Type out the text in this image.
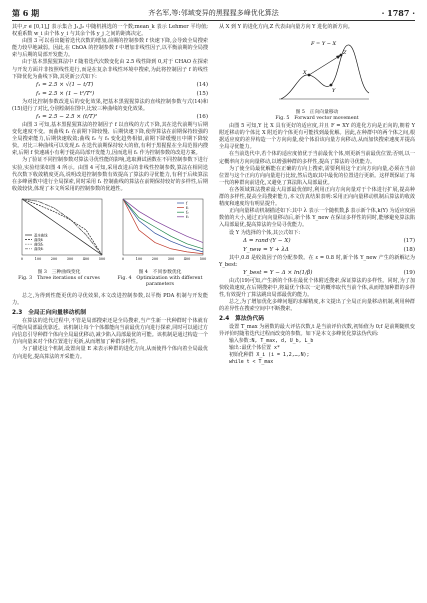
第 6 期	齐名军,等:邻域变异的黑猩猩多峰优化算法	· 1787 ·

其中,r ∈ [0,1],J 表示集合 J₁,J₂ 中随机挑选的一个数;mean_k 表示 Lehmer 平均值;权重系数 w_i 由个体 y_i 与其余个体 y_j 之间的距离决定。

由图 3 可以看出随着迭代次数的增加,前期的控制参数 f 快速下降,会导致全局搜索能力较早地减弱。因此,在 ChOA 的控制参数 f 中增加非线性因子,以平衡前期的全局搜索与后期的局部开发能力。

由于基本黑猩猩算法中 f 随着迭代次数变化由 2.5 线性降到 0,对于 CHAO 在探索与开发方面并非按照线性进行,而是在复杂非线性环境中搜索,为此将控制因子 f 的线性下降优化为曲线下降,其更新公式如下:

f₁ = 2.5 × √(1 − t/T)	(14)
f₂ = 2.5 × (1 − t²/T²)	(15)

为对比控制参数改进后的变化效果,把基本黑猩猩算法的直线控制参数与式(14)和(15)进行了对比,分别绘制在图中,比较三种曲线的变化效果。

f₃ = 2.5 − 2.5 × (t/T)²	(16)

由图 3 可知,基本黑猩猩算法的控制因子 f 以直线的方式下降,其在迭代前期与后期变化速度不变。而曲线 f₁ 在前期下降较慢、后期快速下降,使得算法在前期保持较强的全局搜索能力,后期快速收敛;曲线 f₂ 与 f₃ 变化趋势相似,前期下降缓慢且中期下降较快。对比三种曲线可以发现,f₁ 在迭代前期保持较大的值,有利于黑猩猩在全局范围内搜索,后期 f 快速减小有利于提高局部开发能力,因而选用 f₁ 作为控制参数的改进方案。

为了验证不同控制参数对算法寻优性能的影响,选取测试函数在不同控制参数下进行实验,实验结果如图 4 所示。由图 4 可知,采用改进后的非线性控制参数,算法在相同迭代次数下收敛精度更高,说明改进控制参数有效提高了算法的寻优能力,有利于后续算法在多峰函数中进行全局探索,同时采用 f₁ 控制曲线的算法在前期保持较好的多样性,后期收敛较快,体现了本文所采用的控制参数的优越性。

0	100	200	300	400	500
基本曲线
曲线f₁
曲线f₂
曲线f₃
图 3　三种曲线变化
Fig. 3　Three iterations of curves
0	100	200	300	400	500
f
f₁
f₂
f₃
图 4　不同参数优化
Fig. 4　Optimization with different parameters

总之,为得到性能更优的寻优效果,本文改进控制参数,以平衡 PDA 机制与开发能力。

2.3　全局正向向量移动机制

在算法的迭代过程中,不管是局部搜索还是全局搜索,当产生新一代种群时个体就有可能向局部最优靠近。该机制让每个个体都能向当前最优方向进行探索,同时可以通过方向信息引导种群个体向全局最优移动,减少陷入局部最优的可能。该机制是通过构造一个方向向量来对个体位置进行更新,从而增加了种群多样性。

为了描述这个机制,设置向量 E 来表示种群的进化方向,从而使得个体向着全局最优方向进化,提高算法的开采能力。

从 X 到 Y 的进化方向,Z 代表由向量方向 Y 进化的新方向。

F = Y − X
X
Y
Z
图 5　正向向量移动
Fig. 5　Forward vector movement

由图 5 可知,Y 比 X 具有更好的适应度,并且 F = XY 的进化方向是正向的,朝着 Y 附近移动的个体比 X 附近的个体更有可能找到最优解。因此,在种群中的两个体之间,根据适应度的差异构造一个方向向量,使个体沿该向量方向移动,从而加快搜索速度并提高全局寻优能力。

在当前迭代中,若个体的适应度值优于当前最优个体,则更新当前最优位置;否则,以一定概率向方向向量移动,以增强种群的多样性,提高了算法的寻优能力。

为了使全局最优解能在正确的方向上搜索,需要利用这个正向方向向量,必须在当前位置与这个正向方向向量进行比较,然后选取其中最优的位置进行更新。这样既保证了每一代的种群向前进化,又避免了算法陷入局部最优。

在各领域算法搜索最大局部最优值时,利用正向方向向量对于个体进行扩展,提高种群的多样性,提高全局搜索能力,本文仿真结果表明:采用正向向量移动机制后算法的收敛精度和速度均有明显提升。

正向向量移动机制描述如下:其中 λ 表示一个随机数,β 表示新个体,k(Y) 为适应度函数值的大小,通过正向向量移动后,新个体 Y_new 在保证多样性的同时,能够避免算法陷入局部最优,提高算法的全局寻优能力。

设 Y 为选择的个体,其公式如下:

Δ = rand·(Y − X)	(17)
Y_new = Y + λΔ	(18)

其中,0.8 是收敛因子的分配参数。在 ε = 0.8 时,新个体 Y_new 产生的新解记为 Y_best:

Y_best = Y − Δ × ln(1/β)	(19)

由式(19)可知,产生新的个体在最优个体附近搜索,保证算法的多样性。同时,为了加快收敛速度,在后期搜索中,将最优个体以一定的概率取代当前个体,从而增加种群的多样性,有效提升了算法跳出局部最优的能力。

总之,为了增加优化多峰问题的求解精度,本文提出了全局正向量移动机制,利用种群的差异性在搜索空间中不断搜索。

2.4　算法伪代码

设置 T_max 为函数的最大评估次数,t 是当前评价次数,初始值为 0;f 是前期随机变异评价时随着迭代过程而改变的参数。如下是本文多峰优化算法伪代码:

输入参数:N, T_max, d, U_b, L_b
输出:最优个体位置 x*
初始化种群 X_i (i = 1,2,…,N);
while t < T_max
